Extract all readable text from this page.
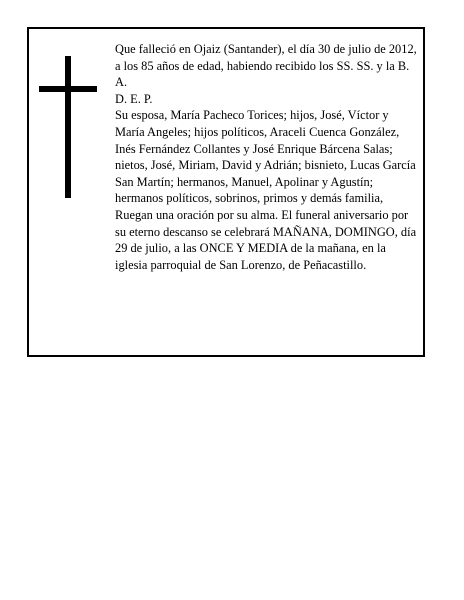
Que falleció en Ojaiz (Santander), el día 30 de julio de 2012, a los 85 años de edad, habiendo recibido los SS. SS. y la B. A.

D. E. P.

Su esposa, María Pacheco Torices; hijos, José, Víctor y María Angeles; hijos políticos, Araceli Cuenca González, Inés Fernández Collantes y José Enrique Bárcena Salas; nietos, José, Miriam, David y Adrián; bisnieto, Lucas García San Martín; hermanos, Manuel, Apolinar y Agustín; hermanos políticos, sobrinos, primos y demás familia,

Ruegan una oración por su alma. El funeral aniversario por su eterno descanso se celebrará MAÑANA, DOMINGO, día 29 de julio, a las ONCE Y MEDIA de la mañana, en la iglesia parroquial de San Lorenzo, de Peñacastillo.
